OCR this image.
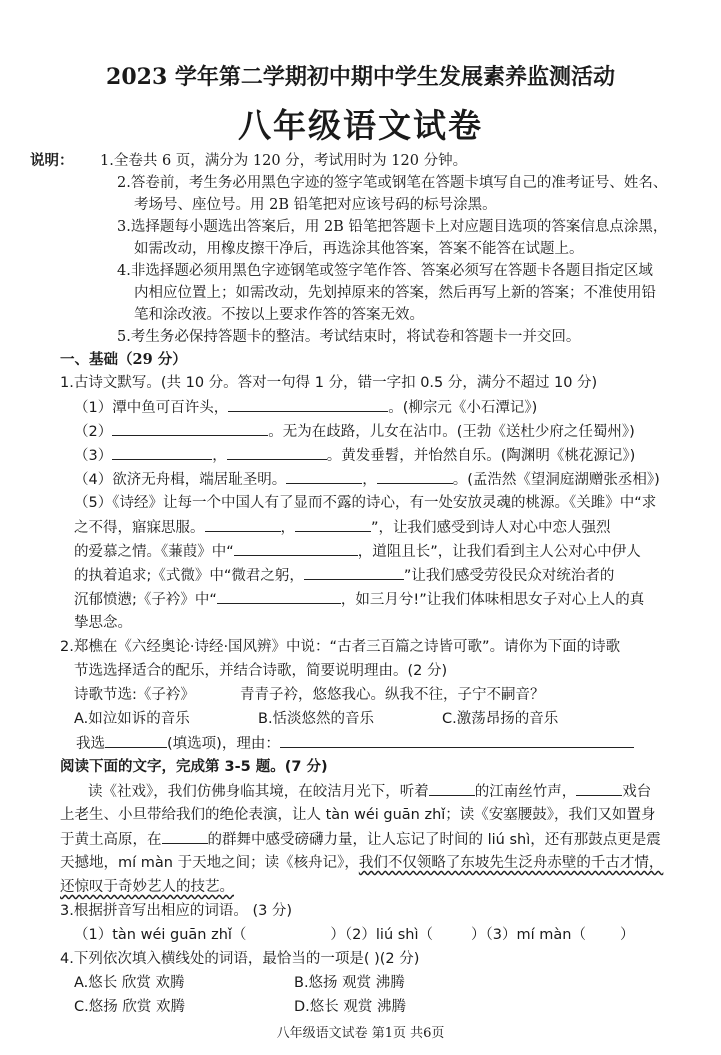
2023 学年第二学期初中期中学生发展素养监测活动
八年级语文试卷
说明： 1.全卷共 6 页，满分为 120 分，考试用时为 120 分钟。
2.答卷前，考生务必用黑色字迹的签字笔或钢笔在答题卡填写自己的准考证号、姓名、
考场号、座位号。用 2B 铅笔把对应该号码的标号涂黑。
3.选择题每小题选出答案后，用 2B 铅笔把答题卡上对应题目选项的答案信息点涂黑，
如需改动，用橡皮擦干净后，再选涂其他答案，答案不能答在试题上。
4.非选择题必须用黑色字迹钢笔或签字笔作答、答案必须写在答题卡各题目指定区域
内相应位置上；如需改动，先划掉原来的答案，然后再写上新的答案；不准使用铅
笔和涂改液。不按以上要求作答的答案无效。
5.考生务必保持答题卡的整洁。考试结束时，将试卷和答题卡一并交回。
一、基础（29 分）
1.古诗文默写。(共 10 分。答对一句得 1 分，错一字扣 0.5 分，满分不超过 10 分)
（1）潭中鱼可百许头，	。(柳宗元《小石潭记》)
（2）	。无为在歧路，儿女在沾巾。(王勃《送杜少府之任蜀州》)
（3）	，	。黄发垂髫，并怡然自乐。(陶渊明《桃花源记》)
（4）欲济无舟楫，端居耻圣明。	，	。(孟浩然《望洞庭湖赠张丞相》)
（5）《诗经》让每一个中国人有了显而不露的诗心，有一处安放灵魂的桃源。《关雎》中“求
之不得，寤寐思服。	，	”，让我们感受到诗人对心中恋人强烈
的爱慕之情。《蒹葭》中“	，道阻且长”，让我们看到主人公对心中伊人
的执着追求;《式微》中“微君之躬，	”让我们感受劳役民众对统治者的
沉郁愤懑;《子衿》中“	，如三月兮!”让我们体味相思女子对心上人的真
挚思念。
2.郑樵在《六经奥论·诗经·国风辨》中说：“古者三百篇之诗皆可歌”。请你为下面的诗歌
节选选择适合的配乐，并结合诗歌，简要说明理由。(2 分)
诗歌节选:《子衿》	青青子衿，悠悠我心。纵我不往，子宁不嗣音？
A.如泣如诉的音乐	B.恬淡悠然的音乐	C.激荡昂扬的音乐
我选	(填选项)，理由：
阅读下面的文字，完成第 3-5 题。(7 分)
读《社戏》，我们仿佛身临其境，在皎洁月光下，听着	的江南丝竹声，	戏台
上老生、小旦带给我们的绝伦表演，让人 tàn wéi guān zhǐ；读《安塞腰鼓》，我们又如置身
于黄土高原，在	的群舞中感受磅礴力量，让人忘记了时间的 liú shì，还有那鼓点更是震
天撼地，mí màn 于天地之间；读《核舟记》，我们不仅领略了东坡先生泛舟赤壁的千古才情，
还惊叹于奇妙艺人的技艺。
3.根据拼音写出相应的词语。 (3 分)
（1）tàn wéi guān zhǐ（	）（2）liú shì（	）（3）mí màn（ ）
4.下列依次填入横线处的词语，最恰当的一项是( )(2 分)
A.悠长 欣赏 欢腾	B.悠扬 观赏 沸腾
C.悠扬 欣赏 欢腾	D.悠长 观赏 沸腾
八年级语文试卷 第1页 共6页
